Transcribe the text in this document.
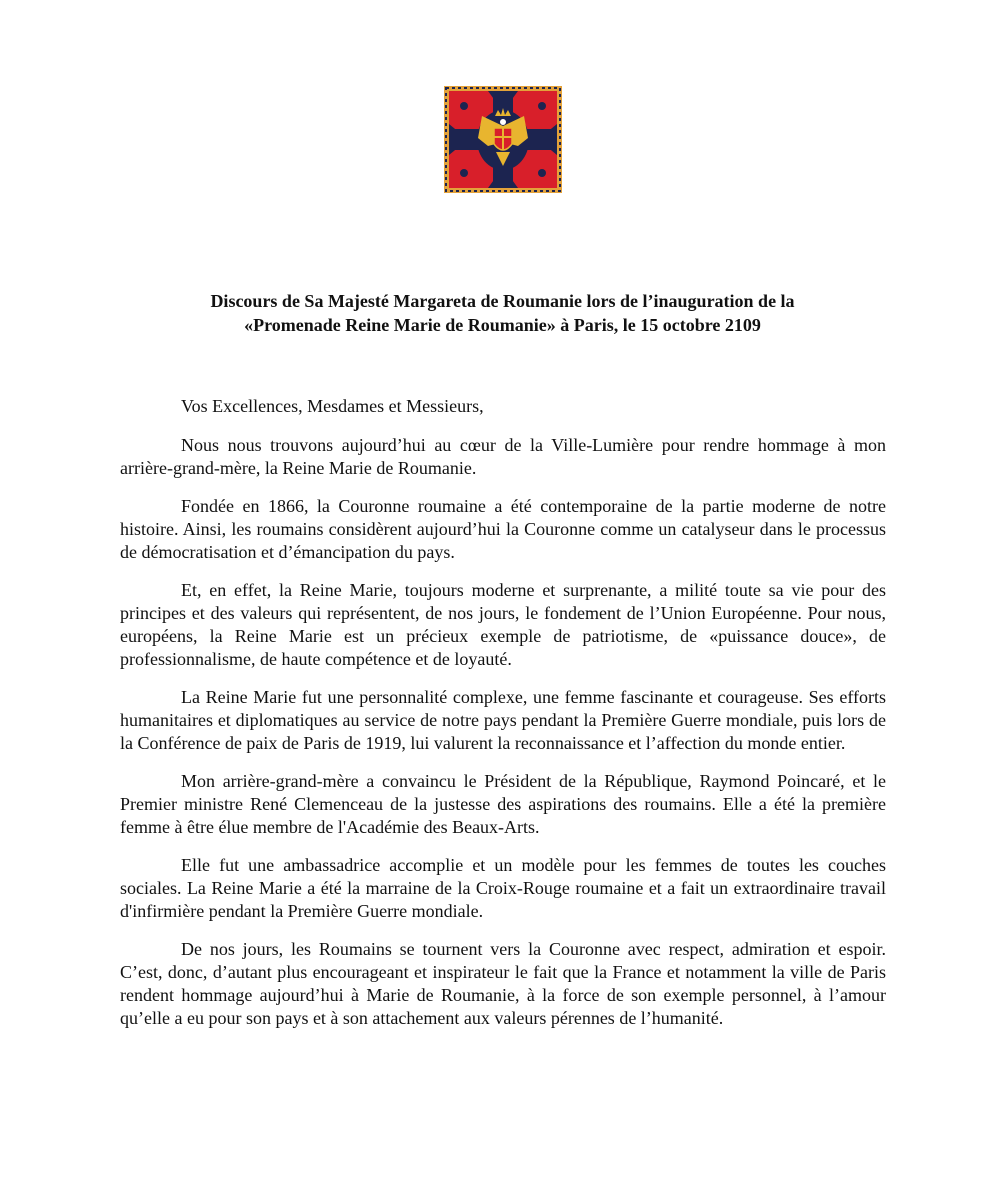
Discours de Sa Majesté Margareta de Roumanie lors de l’inauguration de la
«Promenade Reine Marie de Roumanie» à Paris, le 15 octobre 2109

Vos Excellences, Mesdames et Messieurs,

Nous nous trouvons aujourd’hui au cœur de la Ville-Lumière pour rendre hommage à mon arrière-grand-mère, la Reine Marie de Roumanie.

Fondée en 1866, la Couronne roumaine a été contemporaine de la partie moderne de notre histoire. Ainsi, les roumains considèrent aujourd’hui la Couronne comme un catalyseur dans le processus de démocratisation et d’émancipation du pays.

Et, en effet, la Reine Marie, toujours moderne et surprenante, a milité toute sa vie pour des principes et des valeurs qui représentent, de nos jours, le fondement de l’Union Européenne. Pour nous, européens, la Reine Marie est un précieux exemple de patriotisme, de «puissance douce», de professionnalisme, de haute compétence et de loyauté.

La Reine Marie fut une personnalité complexe, une femme fascinante et courageuse. Ses efforts humanitaires et diplomatiques au service de notre pays pendant la Première Guerre mondiale, puis lors de la Conférence de paix de Paris de 1919, lui valurent la reconnaissance et l’affection du monde entier.

Mon arrière-grand-mère a convaincu le Président de la République, Raymond Poincaré, et le Premier ministre René Clemenceau de la justesse des aspirations des roumains. Elle a été la première femme à être élue membre de l'Académie des Beaux-Arts.

Elle fut une ambassadrice accomplie et un modèle pour les femmes de toutes les couches sociales. La Reine Marie a été la marraine de la Croix-Rouge roumaine et a fait un extraordinaire travail d'infirmière pendant la Première Guerre mondiale.

De nos jours, les Roumains se tournent vers la Couronne avec respect, admiration et espoir. C’est, donc, d’autant plus encourageant et inspirateur le fait que la France et notamment la ville de Paris rendent hommage aujourd’hui à Marie de Roumanie, à la force de son exemple personnel, à l’amour qu’elle a eu pour son pays et à son attachement aux valeurs pérennes de l’humanité.
